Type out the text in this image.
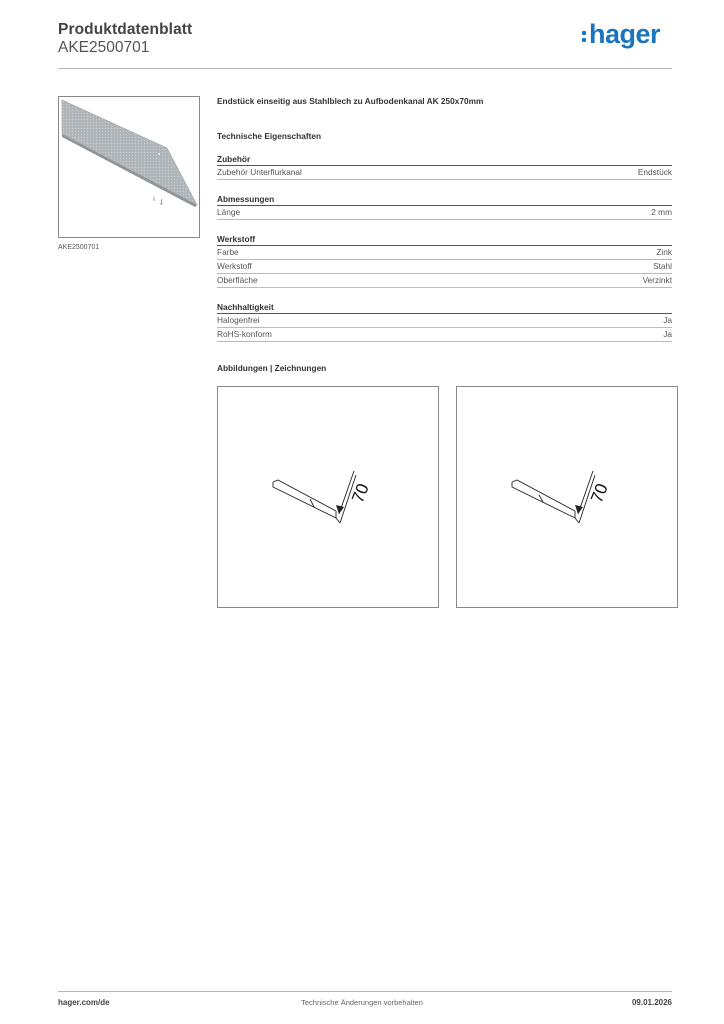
Produktdatenblatt
AKE2500701	hager
AKE2500701
Endstück einseitig aus Stahlblech zu Aufbodenkanal AK 250x70mm
Technische Eigenschaften
Zubehör
Zubehör Unterflurkanal	Endstück
Abmessungen
Länge	2 mm
Werkstoff
Farbe	Zink
Werkstoff	Stahl
Oberfläche	Verzinkt
Nachhaltigkeit
Halogenfrei	Ja
RoHS-konform	Ja
Abbildungen | Zeichnungen
70	70
hager.com/de	Technische Änderungen vorbehalten	09.01.2026
